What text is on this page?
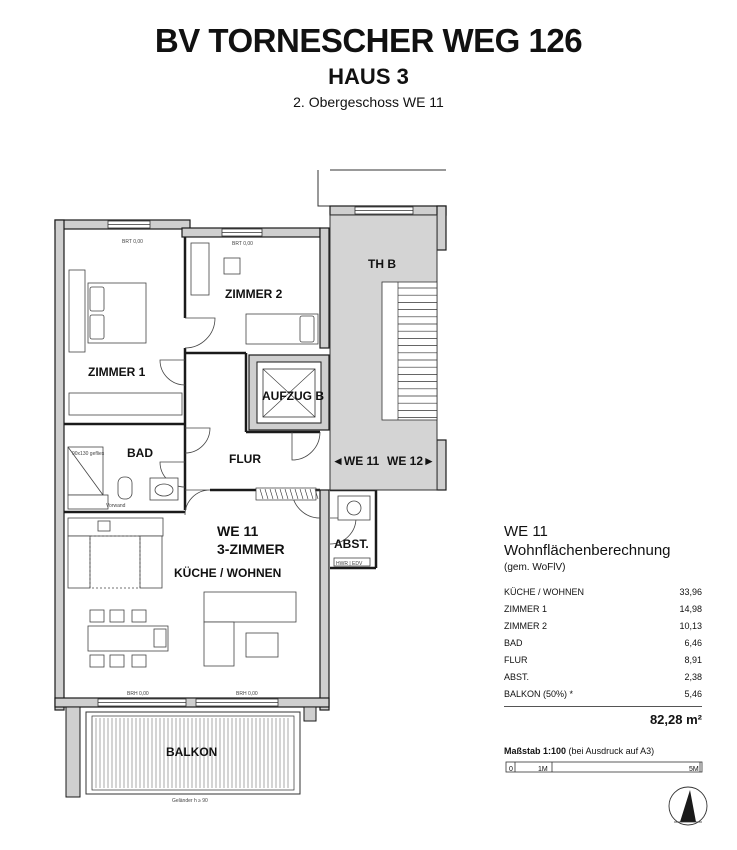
BV TORNESCHER WEG 126
HAUS 3
2. Obergeschoss WE 11
BRT 0,00	BRT 0,00
90x130 geflies
Vorwand
HWR | EDV
BRH 0,00	BRH 0,00
Geländer h ≥ 90
ZIMMER 1
ZIMMER 2
BAD	FLUR
AUFZUG B
TH B
◄WE 11 WE 12►
ABST.
KÜCHE / WOHNEN
WE 11
3-ZIMMER
BALKON
WE 11
Wohnflächenberechnung
(gem. WoFlV)
KÜCHE / WOHNEN	33,96
ZIMMER 1	14,98
ZIMMER 2	10,13
BAD	6,46
FLUR	8,91
ABST.	2,38
BALKON (50%) *	5,46
82,28 m²
Maßstab 1:100 (bei Ausdruck auf A3)
0	1M	5M
